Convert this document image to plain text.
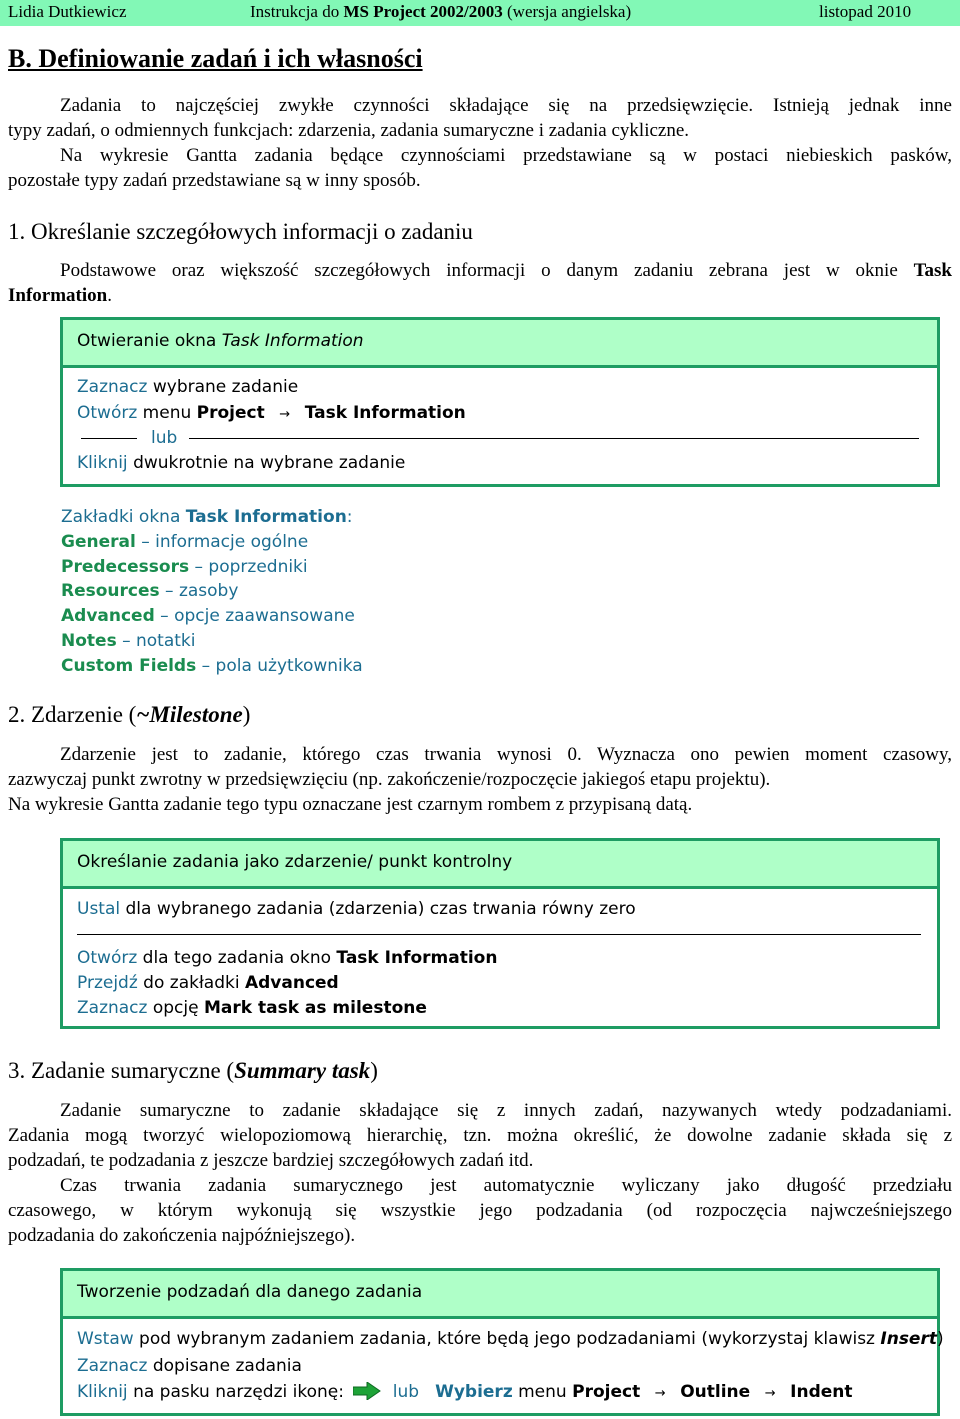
Lidia Dutkiewicz	Instrukcja do MS Project 2002/2003 (wersja angielska)	listopad 2010
B. Definiowanie zadań i ich własności
Zadania to najczęściej zwykłe czynności składające się na przedsięwzięcie. Istnieją jednak inne
typy zadań, o odmiennych funkcjach: zdarzenia, zadania sumaryczne i zadania cykliczne.
Na wykresie Gantta zadania będące czynnościami przedstawiane są w postaci niebieskich pasków,
pozostałe typy zadań przedstawiane są w inny sposób.
1. Określanie szczegółowych informacji o zadaniu
Podstawowe oraz większość szczegółowych informacji o danym zadaniu zebrana jest w oknie Task
Information.
Otwieranie okna Task Information
Zaznacz wybrane zadanie
Otwórz menu Project → Task Information
lub
Kliknij dwukrotnie na wybrane zadanie
Zakładki okna Task Information:
General – informacje ogólne
Predecessors – poprzedniki
Resources – zasoby
Advanced – opcje zaawansowane
Notes – notatki
Custom Fields – pola użytkownika
2. Zdarzenie (~Milestone)
Zdarzenie jest to zadanie, którego czas trwania wynosi 0. Wyznacza ono pewien moment czasowy,
zazwyczaj punkt zwrotny w przedsięwzięciu (np. zakończenie/rozpoczęcie jakiegoś etapu projektu).
Na wykresie Gantta zadanie tego typu oznaczane jest czarnym rombem z przypisaną datą.
Określanie zadania jako zdarzenie/ punkt kontrolny
Ustal dla wybranego zadania (zdarzenia) czas trwania równy zero
Otwórz dla tego zadania okno Task Information
Przejdź do zakładki Advanced
Zaznacz opcję Mark task as milestone
3. Zadanie sumaryczne (Summary task)
Zadanie sumaryczne to zadanie składające się z innych zadań, nazywanych wtedy podzadaniami.
Zadania mogą tworzyć wielopoziomową hierarchię, tzn. można określić, że dowolne zadanie składa się z
podzadań, te podzadania z jeszcze bardziej szczegółowych zadań itd.
Czas trwania zadania sumarycznego jest automatycznie wyliczany jako długość przedziału
czasowego, w którym wykonują się wszystkie jego podzadania (od rozpoczęcia najwcześniejszego
podzadania do zakończenia najpóźniejszego).
Tworzenie podzadań dla danego zadania
Wstaw pod wybranym zadaniem zadania, które będą jego podzadaniami (wykorzystaj klawisz Insert)
Zaznacz dopisane zadania
Kliknij na pasku narzędzi ikonę:	lub Wybierz menu Project → Outline → Indent
